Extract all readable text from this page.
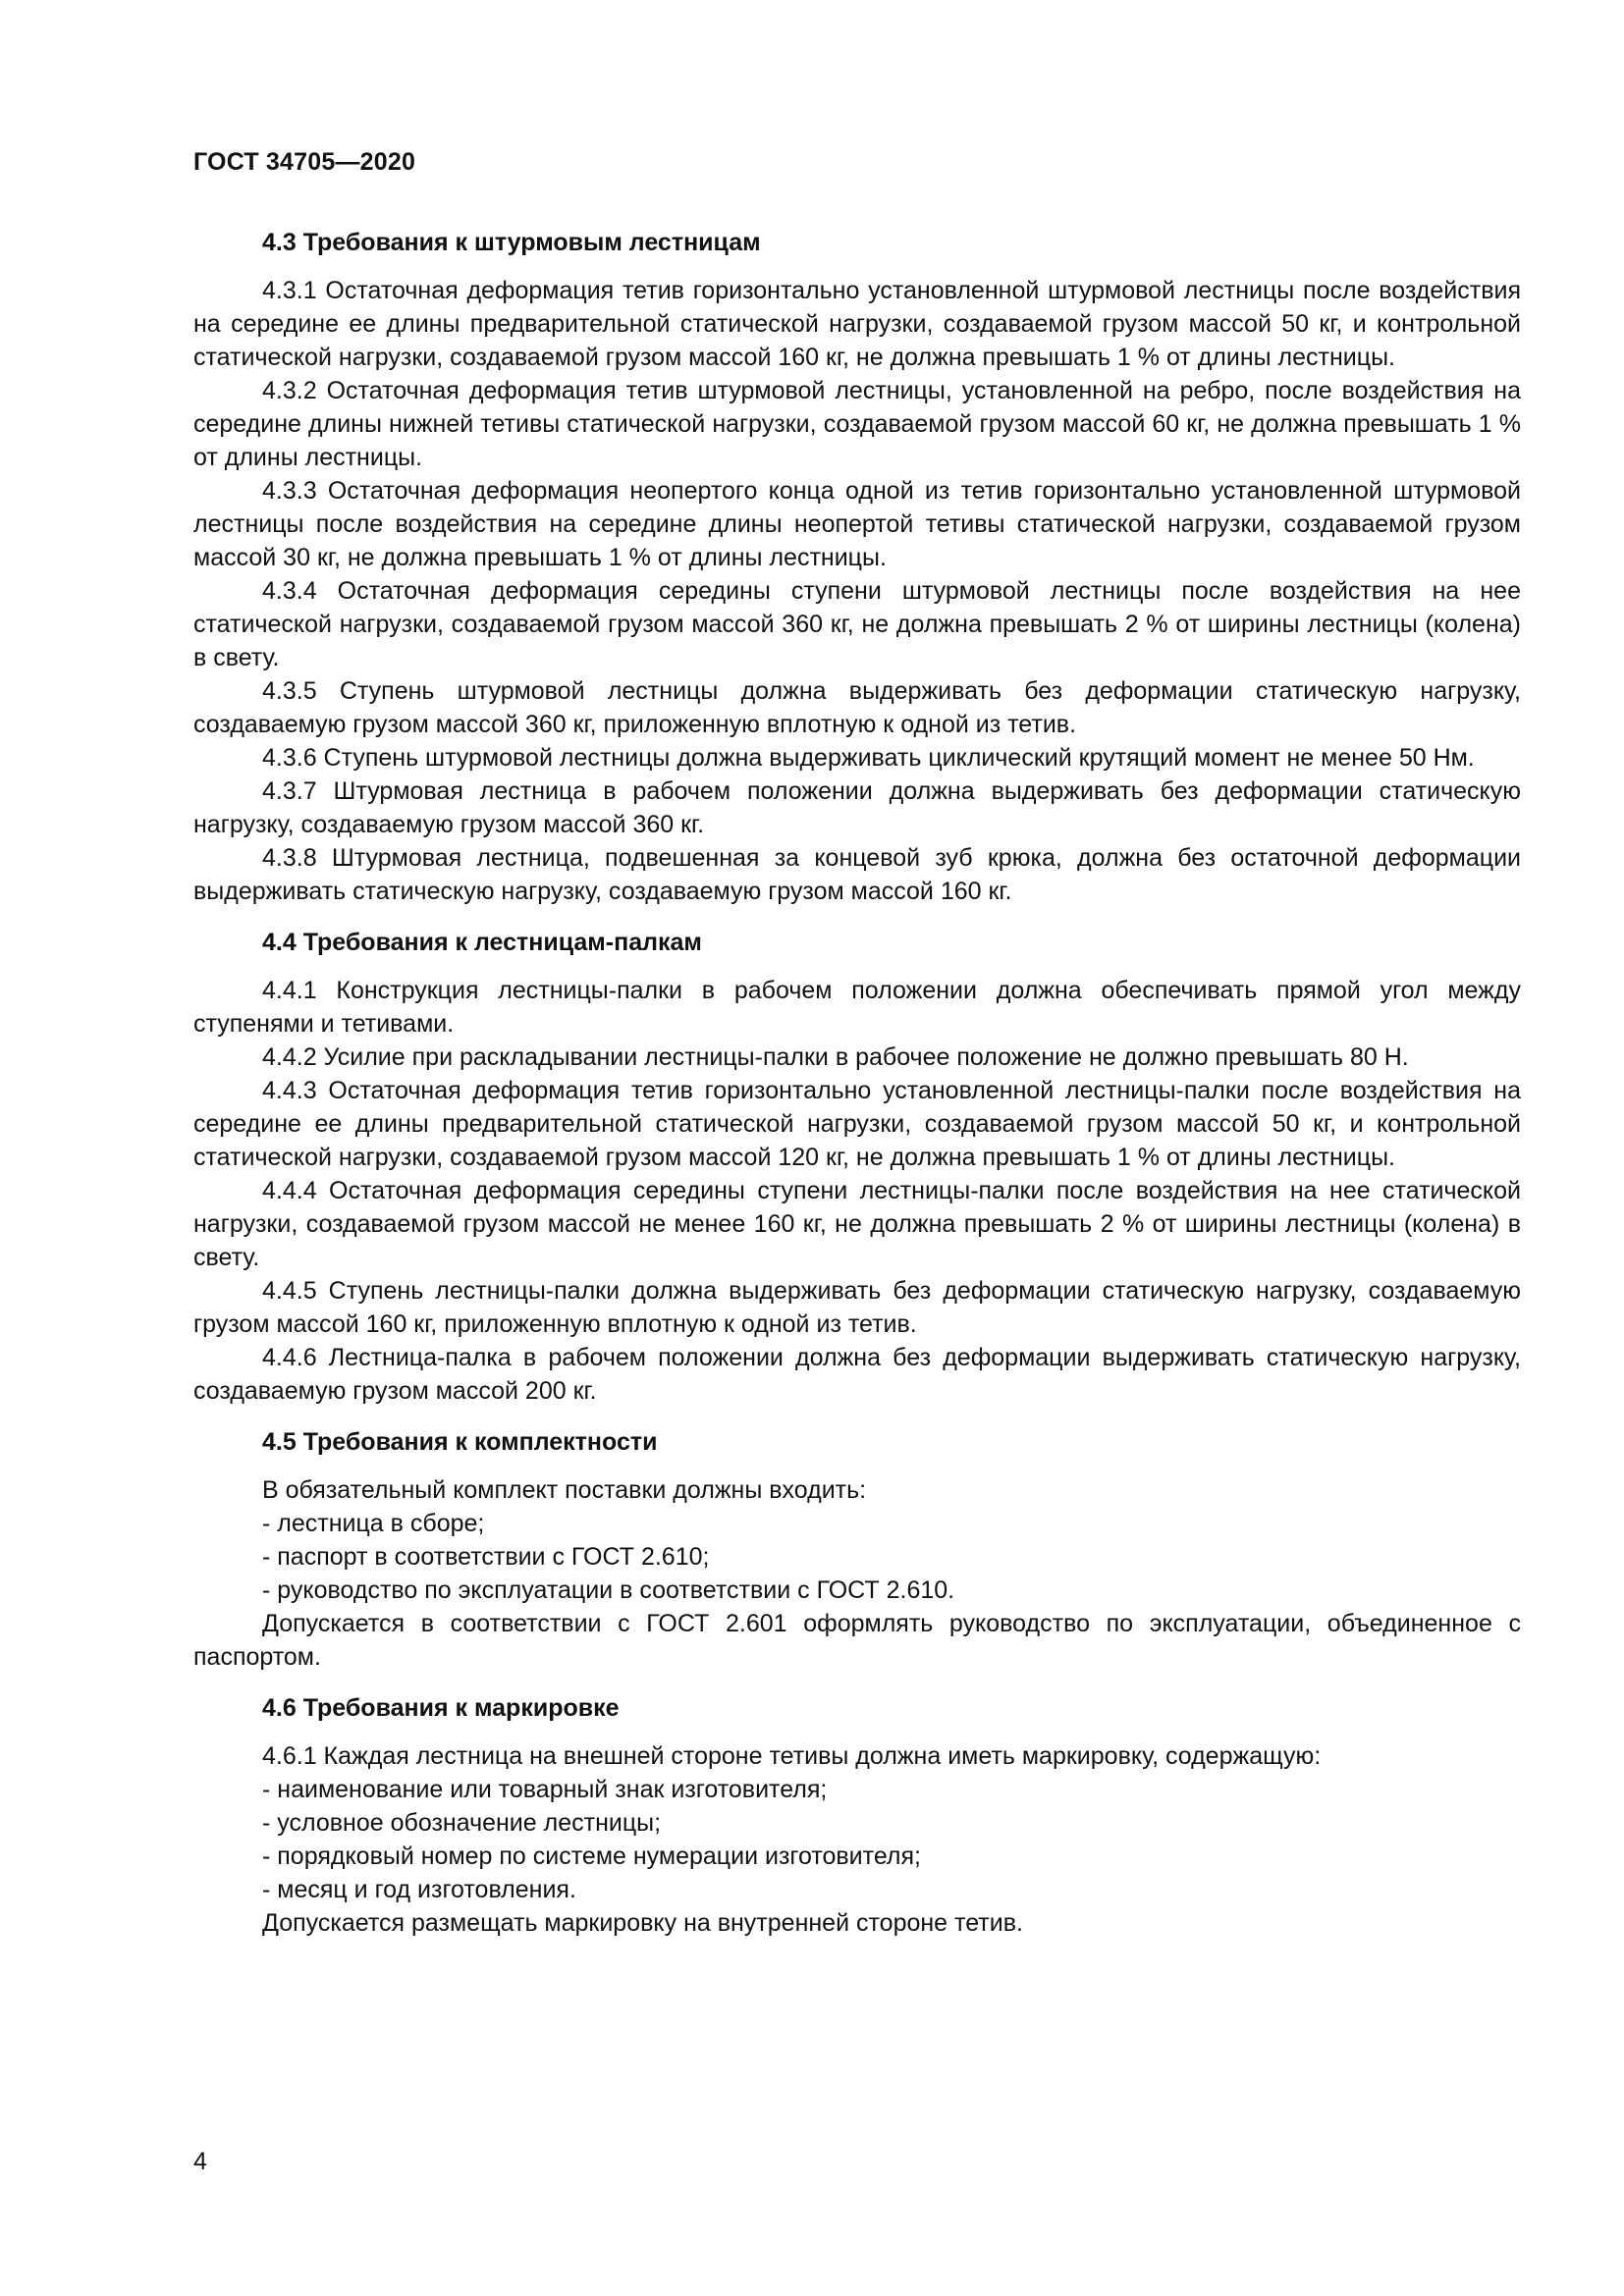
ГОСТ 34705—2020
4.3 Требования к штурмовым лестницам

4.3.1 Остаточная деформация тетив горизонтально установленной штурмовой лестницы после воздействия на середине ее длины предварительной статической нагрузки, создаваемой грузом массой 50 кг, и контрольной статической нагрузки, создаваемой грузом массой 160 кг, не должна превышать 1 % от длины лестницы.

4.3.2 Остаточная деформация тетив штурмовой лестницы, установленной на ребро, после воздействия на середине длины нижней тетивы статической нагрузки, создаваемой грузом массой 60 кг, не должна превышать 1 % от длины лестницы.

4.3.3 Остаточная деформация неопертого конца одной из тетив горизонтально установленной штурмовой лестницы после воздействия на середине длины неопертой тетивы статической нагрузки, создаваемой грузом массой 30 кг, не должна превышать 1 % от длины лестницы.

4.3.4 Остаточная деформация середины ступени штурмовой лестницы после воздействия на нее статической нагрузки, создаваемой грузом массой 360 кг, не должна превышать 2 % от ширины лестницы (колена) в свету.

4.3.5 Ступень штурмовой лестницы должна выдерживать без деформации статическую нагрузку, создаваемую грузом массой 360 кг, приложенную вплотную к одной из тетив.

4.3.6 Ступень штурмовой лестницы должна выдерживать циклический крутящий момент не менее 50 Нм.

4.3.7 Штурмовая лестница в рабочем положении должна выдерживать без деформации статическую нагрузку, создаваемую грузом массой 360 кг.

4.3.8 Штурмовая лестница, подвешенная за концевой зуб крюка, должна без остаточной деформации выдерживать статическую нагрузку, создаваемую грузом массой 160 кг.

4.4 Требования к лестницам-палкам

4.4.1 Конструкция лестницы-палки в рабочем положении должна обеспечивать прямой угол между ступенями и тетивами.

4.4.2 Усилие при раскладывании лестницы-палки в рабочее положение не должно превышать 80 Н.

4.4.3 Остаточная деформация тетив горизонтально установленной лестницы-палки после воздействия на середине ее длины предварительной статической нагрузки, создаваемой грузом массой 50 кг, и контрольной статической нагрузки, создаваемой грузом массой 120 кг, не должна превышать 1 % от длины лестницы.

4.4.4 Остаточная деформация середины ступени лестницы-палки после воздействия на нее статической нагрузки, создаваемой грузом массой не менее 160 кг, не должна превышать 2 % от ширины лестницы (колена) в свету.

4.4.5 Ступень лестницы-палки должна выдерживать без деформации статическую нагрузку, создаваемую грузом массой 160 кг, приложенную вплотную к одной из тетив.

4.4.6 Лестница-палка в рабочем положении должна без деформации выдерживать статическую нагрузку, создаваемую грузом массой 200 кг.

4.5 Требования к комплектности

В обязательный комплект поставки должны входить:

- лестница в сборе;

- паспорт в соответствии с ГОСТ 2.610;

- руководство по эксплуатации в соответствии с ГОСТ 2.610.

Допускается в соответствии с ГОСТ 2.601 оформлять руководство по эксплуатации, объединенное с паспортом.

4.6 Требования к маркировке

4.6.1 Каждая лестница на внешней стороне тетивы должна иметь маркировку, содержащую:

- наименование или товарный знак изготовителя;

- условное обозначение лестницы;

- порядковый номер по системе нумерации изготовителя;

- месяц и год изготовления.

Допускается размещать маркировку на внутренней стороне тетив.

4
